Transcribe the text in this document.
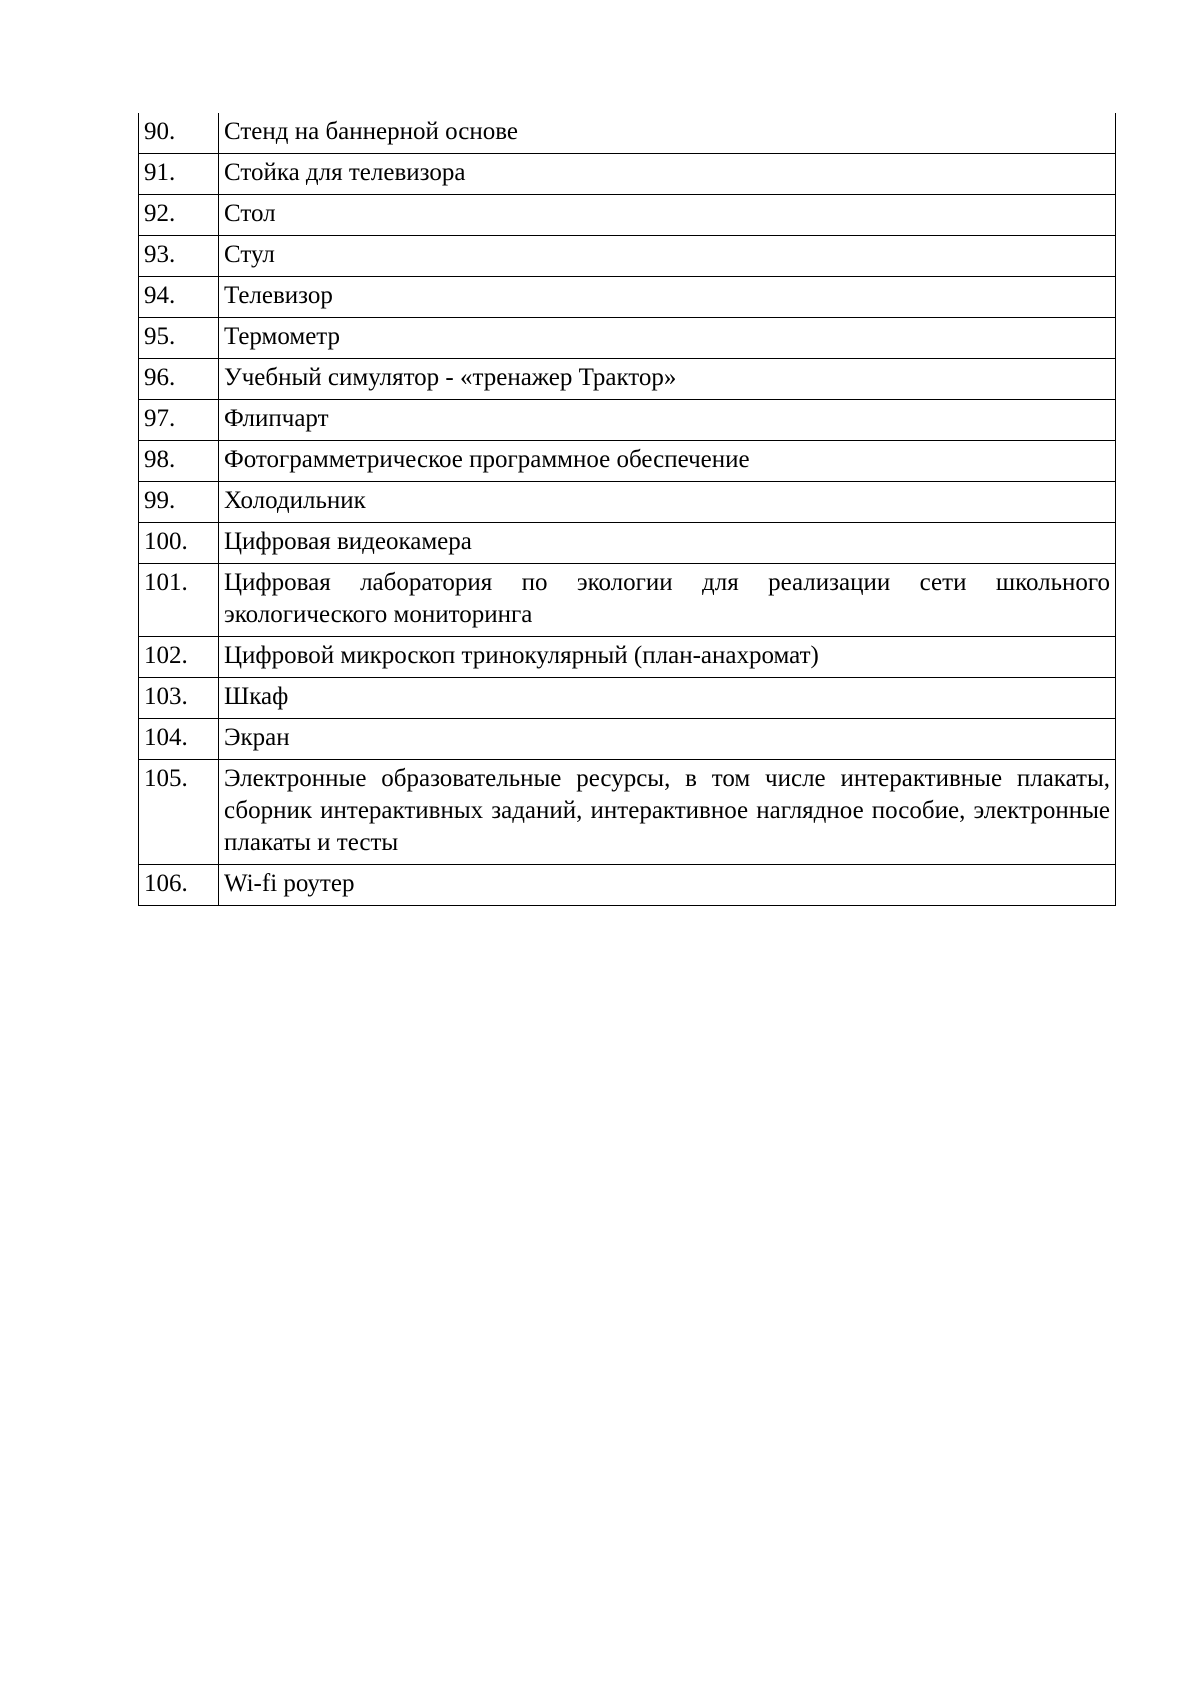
90.	Стенд на баннерной основе
91.	Стойка для телевизора
92.	Стол
93.	Стул
94.	Телевизор
95.	Термометр
96.	Учебный симулятор - «тренажер Трактор»
97.	Флипчарт
98.	Фотограмметрическое программное обеспечение
99.	Холодильник
100.	Цифровая видеокамера
101.	Цифровая лаборатория по экологии для реализации сети школьного экологического мониторинга
102.	Цифровой микроскоп тринокулярный (план-анахромат)
103.	Шкаф
104.	Экран
105.	Электронные образовательные ресурсы, в том числе интерактивные плакаты, сборник интерактивных заданий, интерактивное наглядное пособие, электронные плакаты и тесты
106.	Wi-fi роутер
